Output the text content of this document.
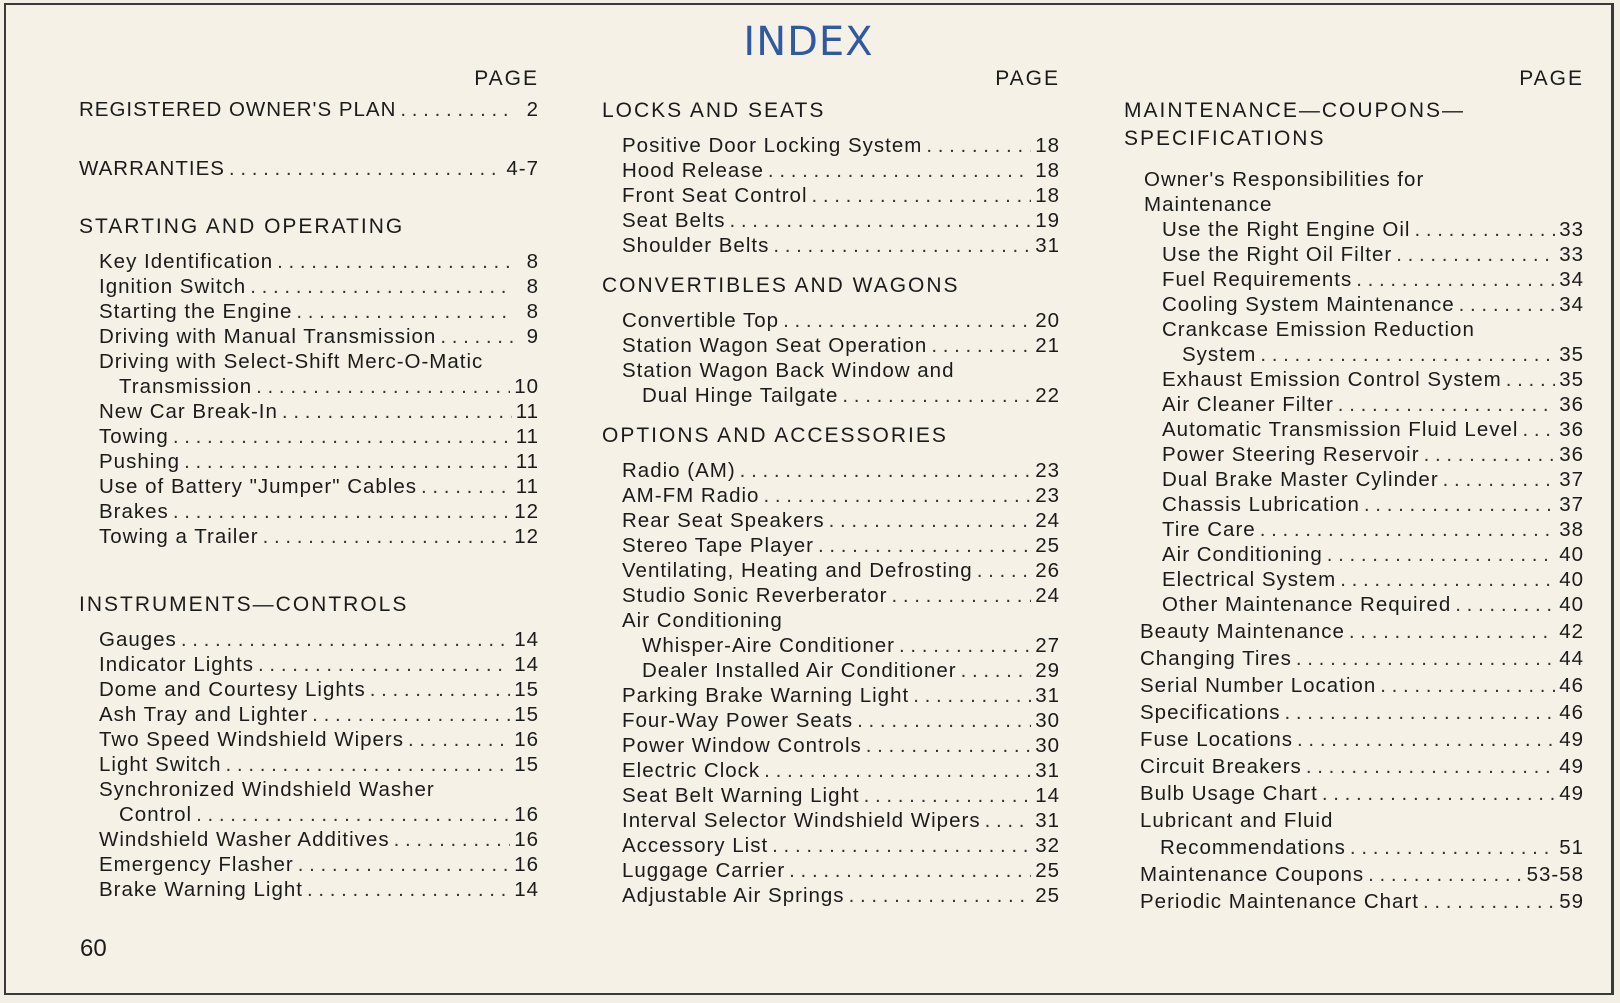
INDEX
PAGE
REGISTERED OWNER'S PLAN . . .	2
WARRANTIES . . .	4-7
STARTING AND OPERATING
Key Identification . . .	8
Ignition Switch . . .	8
Starting the Engine . . .	8
Driving with Manual Transmission . . .	9
Driving with Select-Shift Merc-O-Matic
Transmission . . .	10
New Car Break-In . . .	11
Towing . . .	11
Pushing . . .	11
Use of Battery "Jumper" Cables . . .	11
Brakes . . .	12
Towing a Trailer . . .	12
INSTRUMENTS—CONTROLS
Gauges . . .	14
Indicator Lights . . .	14
Dome and Courtesy Lights . . .	15
Ash Tray and Lighter . . .	15
Two Speed Windshield Wipers . . .	16
Light Switch . . .	15
Synchronized Windshield Washer
Control . . .	16
Windshield Washer Additives . . .	16
Emergency Flasher . . .	16
Brake Warning Light . . .	14
PAGE
LOCKS AND SEATS
Positive Door Locking System . . .	18
Hood Release . . .	18
Front Seat Control . . .	18
Seat Belts . . .	19
Shoulder Belts . . .	31
CONVERTIBLES AND WAGONS
Convertible Top . . .	20
Station Wagon Seat Operation . . .	21
Station Wagon Back Window and
Dual Hinge Tailgate . . .	22
OPTIONS AND ACCESSORIES
Radio (AM) . . .	23
AM-FM Radio . . .	23
Rear Seat Speakers . . .	24
Stereo Tape Player . . .	25
Ventilating, Heating and Defrosting . . .	26
Studio Sonic Reverberator . . .	24
Air Conditioning
Whisper-Aire Conditioner . . .	27
Dealer Installed Air Conditioner . . .	29
Parking Brake Warning Light . . .	31
Four-Way Power Seats . . .	30
Power Window Controls . . .	30
Electric Clock . . .	31
Seat Belt Warning Light . . .	14
Interval Selector Windshield Wipers . . .	31
Accessory List . . .	32
Luggage Carrier . . .	25
Adjustable Air Springs . . .	25
PAGE
MAINTENANCE—COUPONS—
SPECIFICATIONS
Owner's Responsibilities for
Maintenance
Use the Right Engine Oil . . .	33
Use the Right Oil Filter . . .	33
Fuel Requirements . . .	34
Cooling System Maintenance . . .	34
Crankcase Emission Reduction
System . . .	35
Exhaust Emission Control System . . .	35
Air Cleaner Filter . . .	36
Automatic Transmission Fluid Level . . . 36
Power Steering Reservoir . . .	36
Dual Brake Master Cylinder . . .	37
Chassis Lubrication . . .	37
Tire Care . . .	38
Air Conditioning . . .	40
Electrical System . . .	40
Other Maintenance Required . . .	40
Beauty Maintenance . . .	42
Changing Tires . . .	44
Serial Number Location . . .	46
Specifications . . .	46
Fuse Locations . . .	49
Circuit Breakers . . .	49
Bulb Usage Chart . . .	49
Lubricant and Fluid
Recommendations . . .	51
Maintenance Coupons . . .	53-58
Periodic Maintenance Chart . . .	59
60
